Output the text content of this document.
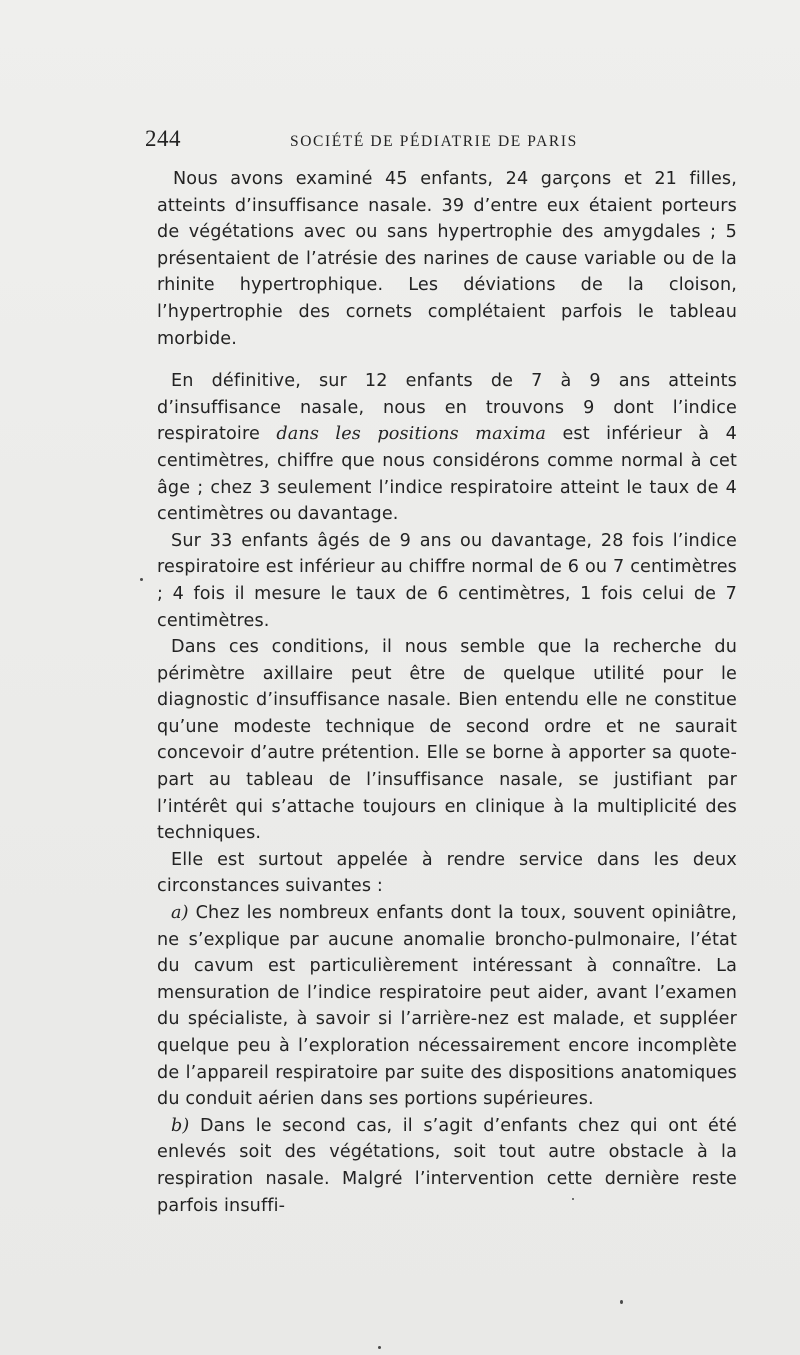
244	SOCIÉTÉ DE PÉDIATRIE DE PARIS

Nous avons examiné 45 enfants, 24 garçons et 21 filles, atteints d’insuffisance nasale. 39 d’entre eux étaient porteurs de végétations avec ou sans hypertrophie des amygdales ; 5 présentaient de l’atrésie des narines de cause variable ou de la rhinite hypertrophique. Les déviations de la cloison, l’hypertrophie des cornets complétaient parfois le tableau morbide.

En définitive, sur 12 enfants de 7 à 9 ans atteints d’insuffisance nasale, nous en trouvons 9 dont l’indice respiratoire dans les positions maxima est inférieur à 4 centimètres, chiffre que nous considérons comme normal à cet âge ; chez 3 seulement l’indice respiratoire atteint le taux de 4 centimètres ou davantage.

Sur 33 enfants âgés de 9 ans ou davantage, 28 fois l’indice respiratoire est inférieur au chiffre normal de 6 ou 7 centimètres ; 4 fois il mesure le taux de 6 centimètres, 1 fois celui de 7 centimètres.

Dans ces conditions, il nous semble que la recherche du périmètre axillaire peut être de quelque utilité pour le diagnostic d’insuffisance nasale. Bien entendu elle ne constitue qu’une modeste technique de second ordre et ne saurait concevoir d’autre prétention. Elle se borne à apporter sa quote-part au tableau de l’insuffisance nasale, se justifiant par l’intérêt qui s’attache toujours en clinique à la multiplicité des techniques.

Elle est surtout appelée à rendre service dans les deux circonstances suivantes :

a) Chez les nombreux enfants dont la toux, souvent opiniâtre, ne s’explique par aucune anomalie broncho-pulmonaire, l’état du cavum est particulièrement intéressant à connaître. La mensuration de l’indice respiratoire peut aider, avant l’examen du spécialiste, à savoir si l’arrière-nez est malade, et suppléer quelque peu à l’exploration nécessairement encore incomplète de l’appareil respiratoire par suite des dispositions anatomiques du conduit aérien dans ses portions supérieures.

b) Dans le second cas, il s’agit d’enfants chez qui ont été enlevés soit des végétations, soit tout autre obstacle à la respiration nasale. Malgré l’intervention cette dernière reste parfois insuffi-
